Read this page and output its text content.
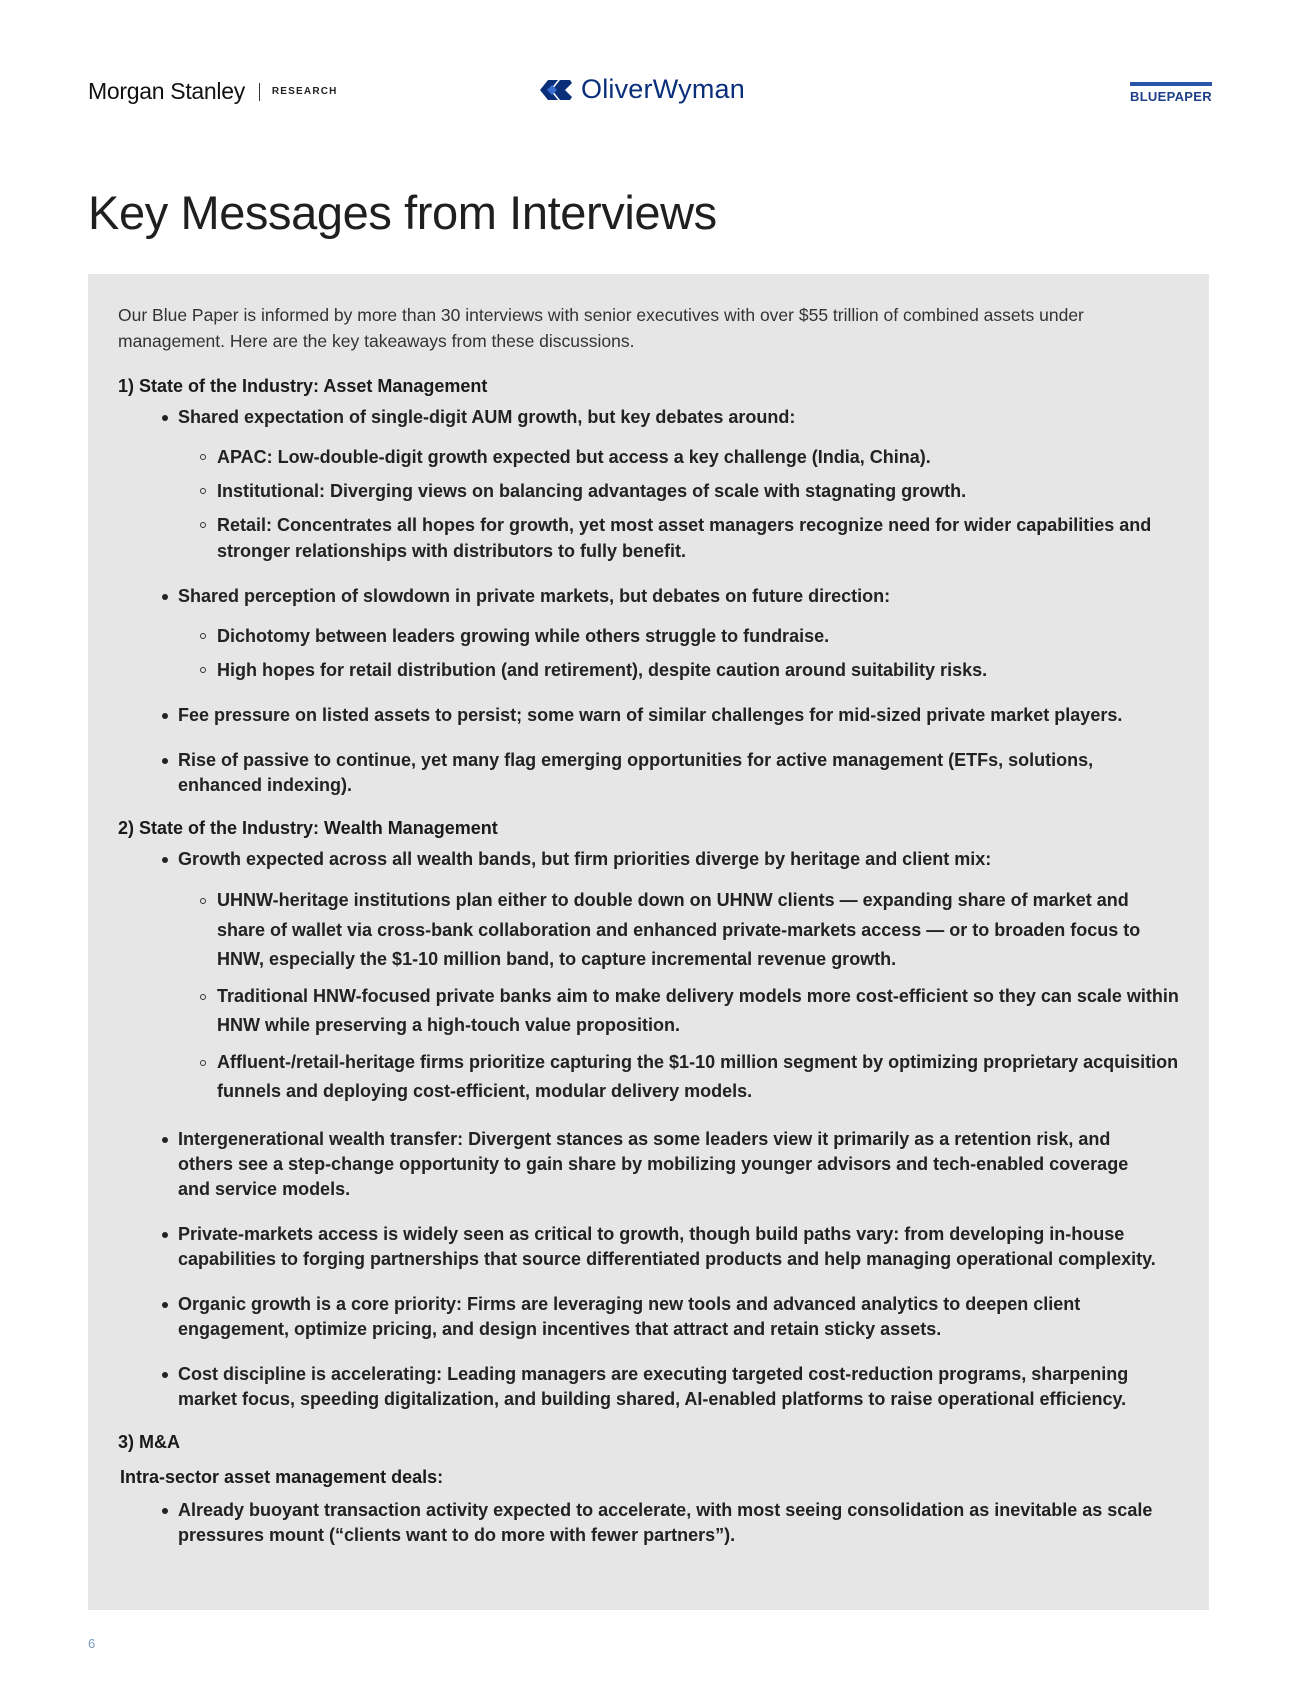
Morgan Stanley	RESEARCH	OliverWyman	BLUEPAPER
Key Messages from Interviews

Our Blue Paper is informed by more than 30 interviews with senior executives with over $55 trillion of combined assets under management. Here are the key takeaways from these discussions.

1) State of the Industry: Asset Management
Shared expectation of single-digit AUM growth, but key debates around:
APAC: Low-double-digit growth expected but access a key challenge (India, China).
Institutional: Diverging views on balancing advantages of scale with stagnating growth.
Retail: Concentrates all hopes for growth, yet most asset managers recognize need for wider capabilities and stronger relationships with distributors to fully benefit.
Shared perception of slowdown in private markets, but debates on future direction:
Dichotomy between leaders growing while others struggle to fundraise.
High hopes for retail distribution (and retirement), despite caution around suitability risks.
Fee pressure on listed assets to persist; some warn of similar challenges for mid-sized private market players.
Rise of passive to continue, yet many flag emerging opportunities for active management (ETFs, solutions, enhanced indexing).
2) State of the Industry: Wealth Management
Growth expected across all wealth bands, but firm priorities diverge by heritage and client mix:
UHNW-heritage institutions plan either to double down on UHNW clients — expanding share of market and share of wallet via cross-bank collaboration and enhanced private-markets access — or to broaden focus to HNW, especially the $1-10 million band, to capture incremental revenue growth.
Traditional HNW-focused private banks aim to make delivery models more cost-efficient so they can scale within HNW while preserving a high-touch value proposition.
Affluent-/retail-heritage firms prioritize capturing the $1-10 million segment by optimizing proprietary acquisition funnels and deploying cost-efficient, modular delivery models.
Intergenerational wealth transfer: Divergent stances as some leaders view it primarily as a retention risk, and others see a step-change opportunity to gain share by mobilizing younger advisors and tech-enabled coverage and service models.
Private-markets access is widely seen as critical to growth, though build paths vary: from developing in-house capabilities to forging partnerships that source differentiated products and help managing operational complexity.
Organic growth is a core priority: Firms are leveraging new tools and advanced analytics to deepen client engagement, optimize pricing, and design incentives that attract and retain sticky assets.
Cost discipline is accelerating: Leading managers are executing targeted cost-reduction programs, sharpening market focus, speeding digitalization, and building shared, AI-enabled platforms to raise operational efficiency.
3) M&A
Intra-sector asset management deals:
Already buoyant transaction activity expected to accelerate, with most seeing consolidation as inevitable as scale pressures mount (“clients want to do more with fewer partners”).
6
